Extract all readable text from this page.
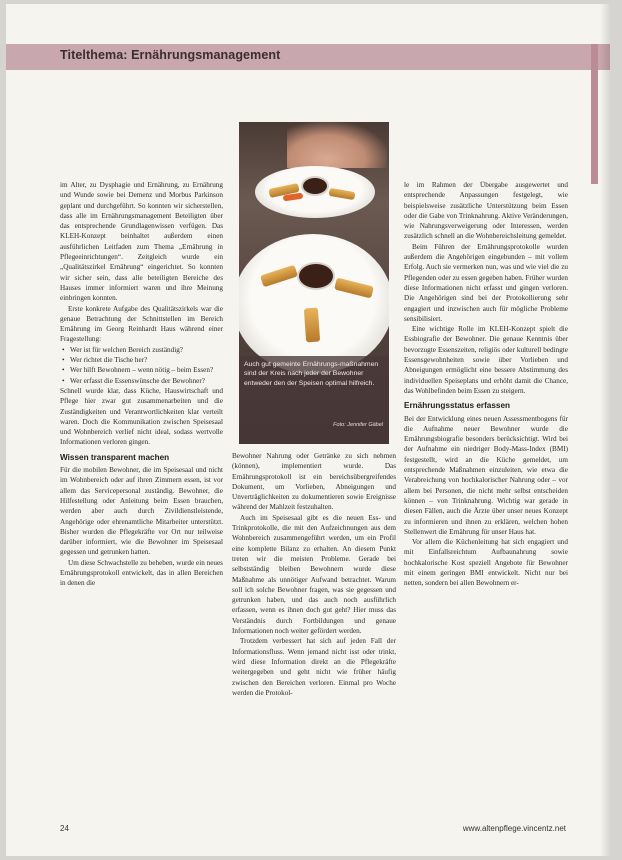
Titelthema: Ernährungsmanagement

Auch gut gemeinte Ernährungs-maßnahmen sind der Kreis nach jeder der Bewohner entweder den der Speisen optimal hilfreich.

Foto: Jennifer Gäbel

im Alter, zu Dysphagie und Ernährung, zu Ernährung und Wunde sowie bei Demenz und Morbus Parkinson geplant und durchgeführt. So konnten wir sicherstellen, dass alle im Ernährungsmanagement Beteiligten über das entsprechende Grundlagenwissen verfügen. Das KLEH-Konzept beinhaltet außerdem einen ausführlichen Leitfaden zum Thema „Ernährung in Pflegeeinrichtungen“. Zeitgleich wurde ein „Qualitätszirkel Ernährung“ eingerichtet. So konnten wir sicher sein, dass alle beteiligten Bereiche des Hauses immer informiert waren und ihre Meinung einbringen konnten.

Erste konkrete Aufgabe des Qualitätszirkels war die genaue Betrachtung der Schnittstellen im Bereich Ernährung im Georg Reinhardt Haus während einer Fragestellung:

• Wer ist für welchen Bereich zuständig?
• Wer richtet die Tische her?
• Wer hilft Bewohnern – wenn nötig – beim Essen?
• Wer erfasst die Essenswünsche der Bewohner?

Schnell wurde klar, dass Küche, Hauswirtschaft und Pflege hier zwar gut zusammenarbeiten und die Zuständigkeiten und Verantwortlichkeiten klar verteilt waren. Doch die Kommunikation zwischen Speisesaal und Wohnbereich verlief nicht ideal, sodass wertvolle Informationen verloren gingen.

Wissen transparent machen

Für die mobilen Bewohner, die im Speisesaal und nicht im Wohnbereich oder auf ihren Zimmern essen, ist vor allem das Servicepersonal zuständig. Bewohner, die Hilfestellung oder Anleitung beim Essen brauchen, werden aber auch durch Zivildienstleistende, Angehörige oder ehrenamtliche Mitarbeiter unterstützt. Bisher wurden die Pflegekräfte vor Ort nur teilweise darüber informiert, wie die Bewohner im Speisesaal gegessen und getrunken hatten.

Um diese Schwachstelle zu beheben, wurde ein neues Ernährungsprotokoll entwickelt, das in allen Bereichen in denen die

Bewohner Nahrung oder Getränke zu sich nehmen (können), implementiert wurde. Das Ernährungsprotokoll ist ein bereichsübergreifendes Dokument, um Vorlieben, Abneigungen und Unverträglichkeiten zu dokumentieren sowie Ereignisse während der Mahlzeit festzuhalten.

Auch im Speisesaal gibt es die neuen Ess- und Trinkprotokolle, die mit den Aufzeichnungen aus dem Wohnbereich zusammengeführt werden, um ein Profil eine komplette Bilanz zu erhalten. An diesem Punkt treten wir die meisten Probleme. Gerade bei selbstständig bleiben Bewohnern wurde diese Maßnahme als unnötiger Aufwand betrachtet. Warum soll ich solche Bewohner fragen, was sie gegessen und getrunken haben, und das auch noch ausführlich erfassen, wenn es ihnen doch gut geht? Hier muss das Verständnis durch Fortbildungen und genaue Informationen noch weiter gefördert werden.

Trotzdem verbessert hat sich auf jeden Fall der Informationsfluss. Wenn jemand nicht isst oder trinkt, wird diese Information direkt an die Pflegekräfte weitergegeben und geht nicht wie früher häufig zwischen den Bereichen verloren. Einmal pro Woche werden die Protokol-

le im Rahmen der Übergabe ausgewertet und entsprechende Anpassungen festgelegt, wie beispielsweise zusätzliche Unterstützung beim Essen oder die Gabe von Trinknahrung. Aktive Veränderungen, wie Nahrungsverweigerung oder Interessen, werden zusätzlich schnell an die Wohnbereichsleitung gemeldet.

Beim Führen der Ernährungsprotokolle wurden außerdem die Angehörigen eingebunden – mit vollem Erfolg. Auch sie vermerken nun, was und wie viel die zu Pflegenden oder zu essen gegeben haben. Früher wurden diese Informationen nicht erfasst und gingen verloren. Die Angehörigen sind bei der Protokollierung sehr engagiert und inzwischen auch für mögliche Probleme sensibilisiert.

Eine wichtige Rolle im KLEH-Konzept spielt die Essbiografie der Bewohner. Die genaue Kenntnis über bevorzugte Essenszeiten, religiös oder kulturell bedingte Essensgewohnheiten sowie über Vorlieben und Abneigungen ermöglicht eine bessere Abstimmung des individuellen Speiseplans und erhöht damit die Chance, das Wohlbefinden beim Essen zu steigern.

Ernährungsstatus erfassen

Bei der Entwicklung eines neuen Assessmentbogens für die Aufnahme neuer Bewohner wurde die Ernährungsbiografie besonders berücksichtigt. Wird bei der Aufnahme ein niedriger Body-Mass-Index (BMI) festgestellt, wird an die Küche gemeldet, um entsprechende Maßnahmen einzuleiten, wie etwa die Verabreichung von hochkalorischer Nahrung oder – vor allem bei Personen, die nicht mehr selbst entscheiden können – von Trinknahrung. Wichtig war gerade in diesen Fällen, auch die Ärzte über unser neues Konzept zu informieren und ihnen zu erklären, welchen hohen Stellenwert die Ernährung für unser Haus hat.

Vor allem die Küchenleitung hat sich engagiert und mit Einfallsreichtum Aufbaunahrung sowie hochkalorische Kost speziell Angebote für Bewohner mit einem geringen BMI entwickelt. Nicht nur bei netten, sondern bei allen Bewohnern er-

24	www.altenpflege.vincentz.net
